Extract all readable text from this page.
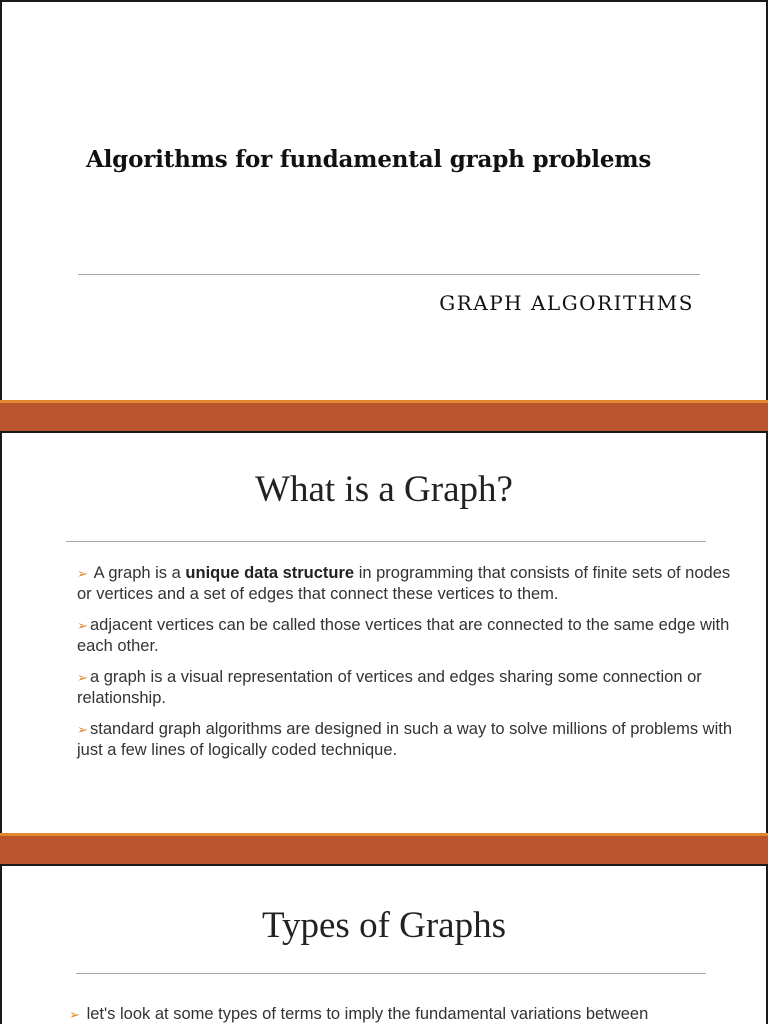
Algorithms for fundamental graph problems
GRAPH ALGORITHMS
What is a Graph?
➢ A graph is a unique data structure in programming that consists of finite sets of nodes or vertices and a set of edges that connect these vertices to them.
➢ adjacent vertices can be called those vertices that are connected to the same edge with each other.
➢ a graph is a visual representation of vertices and edges sharing some connection or relationship.
➢ standard graph algorithms are designed in such a way to solve millions of problems with just a few lines of logically coded technique.
Types of Graphs
➢ let's look at some types of terms to imply the fundamental variations between
